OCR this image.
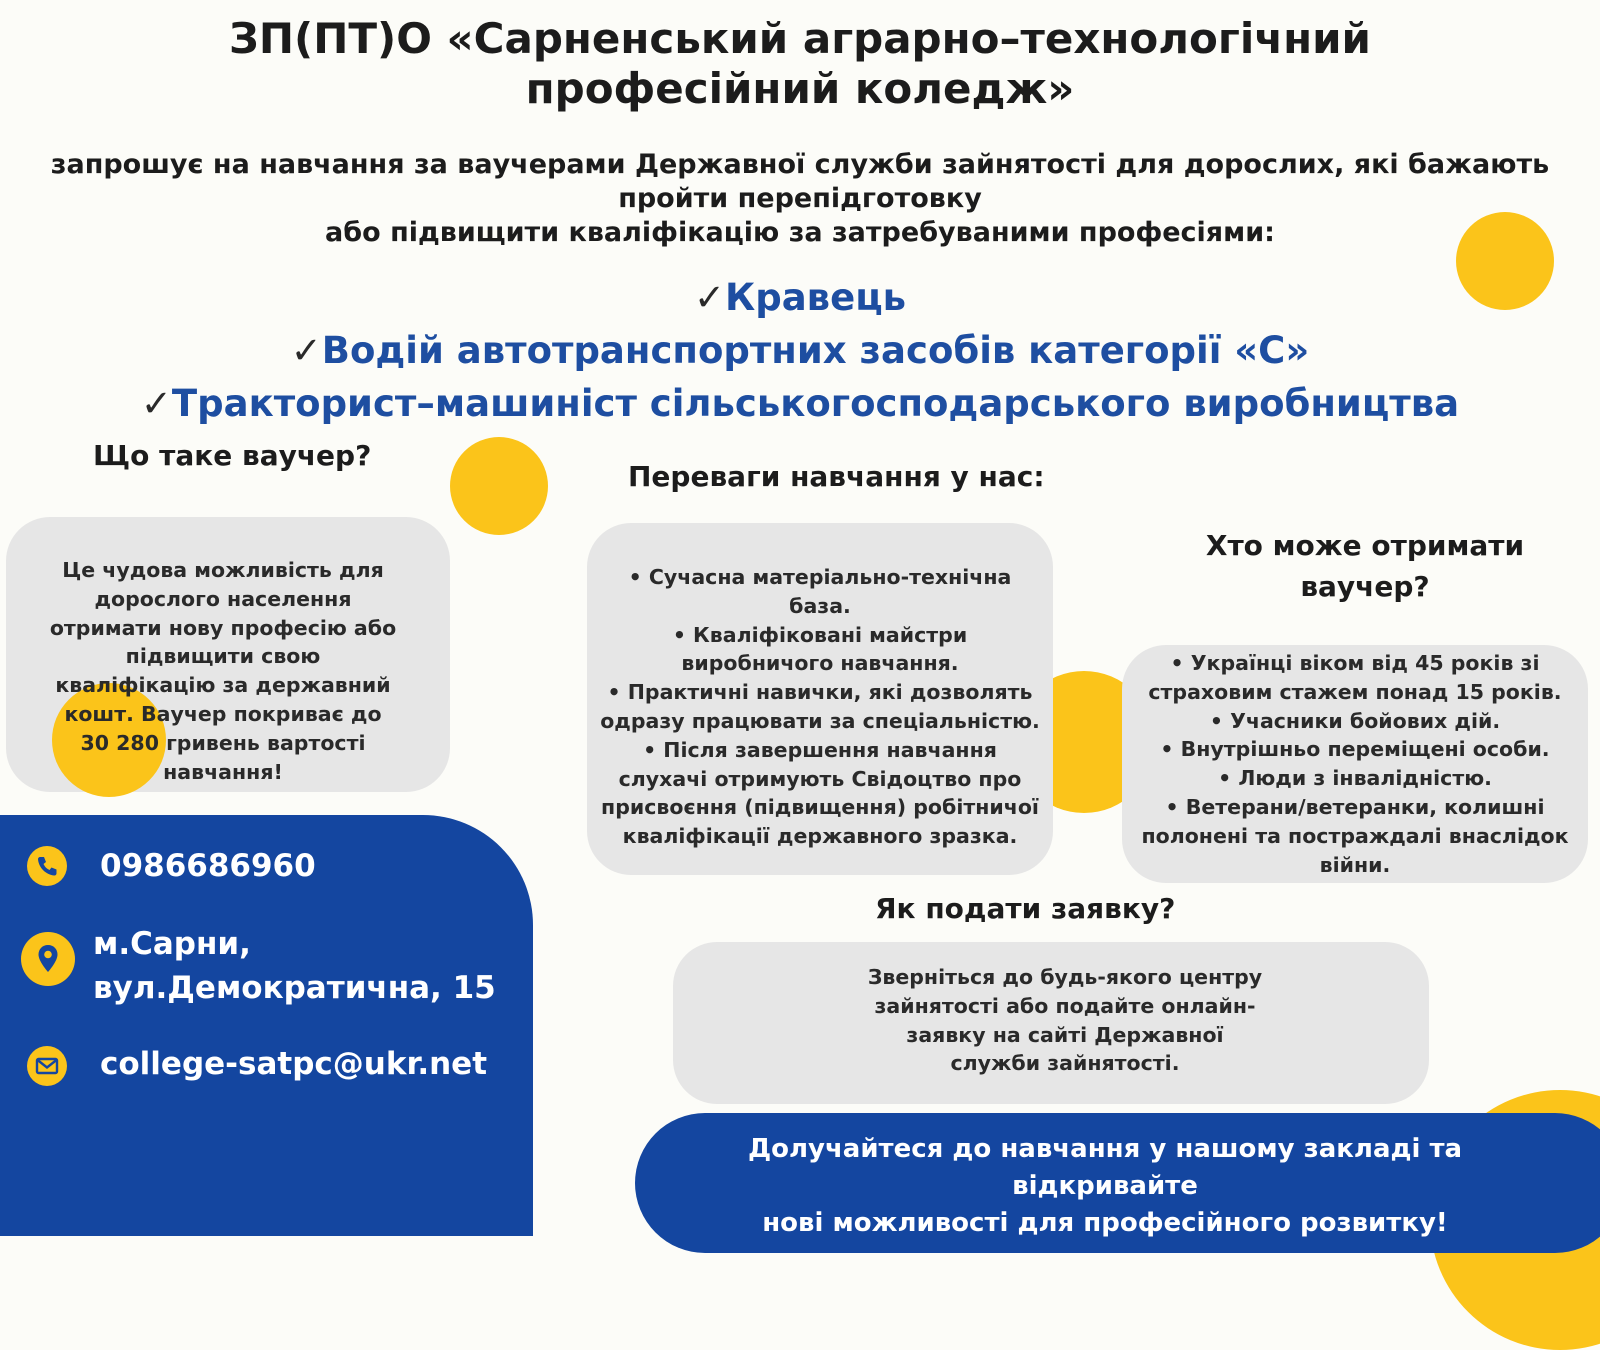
ЗП(ПТ)О «Сарненський аграрно–технологічний
професійний коледж»
запрошує на навчання за ваучерами Державної служби зайнятості для дорослих, які бажають
пройти перепідготовку
або підвищити кваліфікацію за затребуваними професіями:
✓Кравець
✓Водій автотранспортних засобів категорії «С»
✓Тракторист–машиніст сільськогосподарського виробництва
Що таке ваучер?
Це чудова можливість для дорослого населення отримати нову професію або підвищити свою кваліфікацію за державний кошт. Ваучер покриває до 30 280 гривень вартості навчання!
Переваги навчання у нас:
• Сучасна матеріально-технічна база.
• Кваліфіковані майстри виробничого навчання.
• Практичні навички, які дозволять одразу працювати за спеціальністю.
• Після завершення навчання слухачі отримують Свідоцтво про присвоєння (підвищення) робітничої кваліфікації державного зразка.
Хто може отримати
ваучер?
• Українці віком від 45 років зі страховим стажем понад 15 років.
• Учасники бойових дій.
• Внутрішньо переміщені особи.
• Люди з інвалідністю.
• Ветерани/ветеранки, колишні полонені та постраждалі внаслідок війни.
Як подати заявку?
Зверніться до будь-якого центру зайнятості або подайте онлайн-заявку на сайті Державної служби зайнятості.
0986686960
м.Сарни,
вул.Демократична, 15
college-satpc@ukr.net
Долучайтеся до навчання у нашому закладі та відкривайте
нові можливості для професійного розвитку!
